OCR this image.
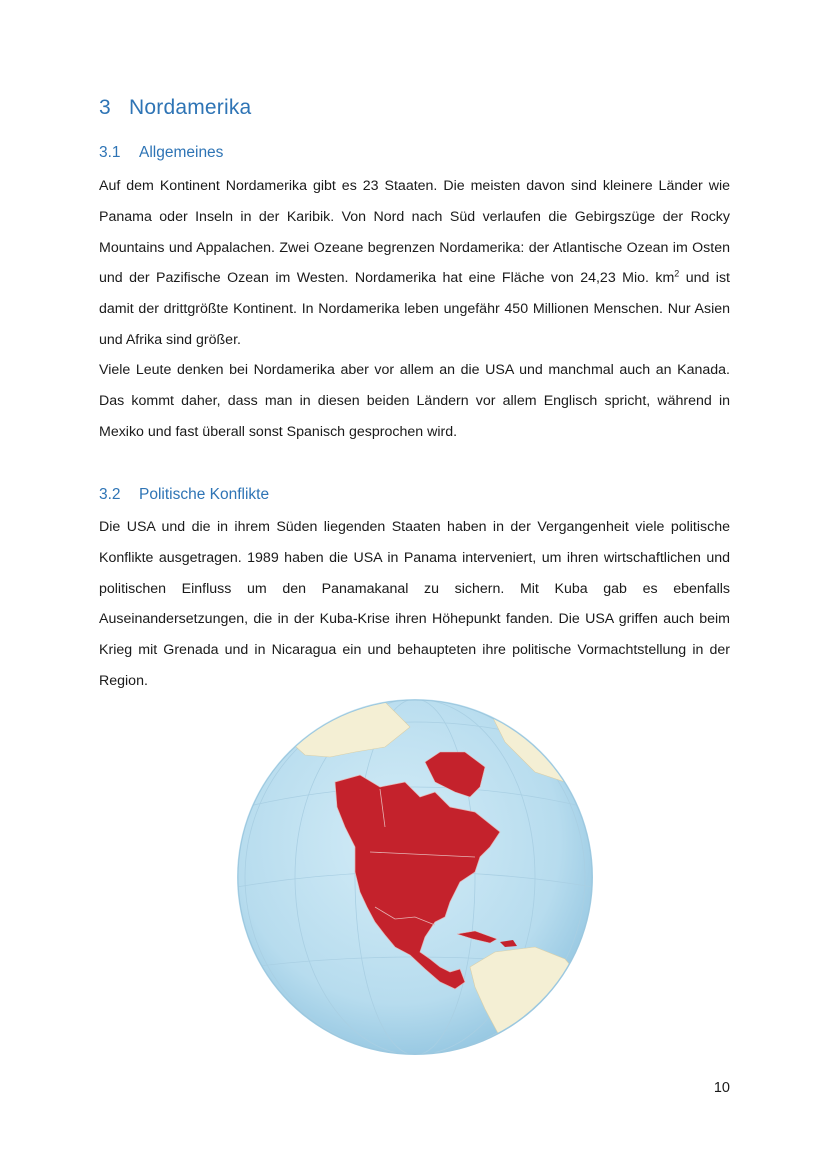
3 Nordamerika
3.1 Allgemeines

Auf dem Kontinent Nordamerika gibt es 23 Staaten. Die meisten davon sind kleinere Länder wie Panama oder Inseln in der Karibik. Von Nord nach Süd verlaufen die Gebirgszüge der Rocky Mountains und Appalachen. Zwei Ozeane begrenzen Nordamerika: der Atlantische Ozean im Osten und der Pazifische Ozean im Westen. Nordamerika hat eine Fläche von 24,23 Mio. $km^2$ und ist damit der drittgrößte Kontinent. In Nordamerika leben ungefähr 450 Millionen Menschen. Nur Asien und Afrika sind größer.

Viele Leute denken bei Nordamerika aber vor allem an die USA und manchmal auch an Kanada. Das kommt daher, dass man in diesen beiden Ländern vor allem Englisch spricht, während in Mexiko und fast überall sonst Spanisch gesprochen wird.

3.2 Politische Konflikte

Die USA und die in ihrem Süden liegenden Staaten haben in der Vergangenheit viele politische Konflikte ausgetragen. 1989 haben die USA in Panama interveniert, um ihren wirtschaftlichen und politischen Einfluss um den Panamakanal zu sichern. Mit Kuba gab es ebenfalls Auseinandersetzungen, die in der Kuba-Krise ihren Höhepunkt fanden. Die USA griffen auch beim Krieg mit Grenada und in Nicaragua ein und behaupteten ihre politische Vormachtstellung in der Region.

10
